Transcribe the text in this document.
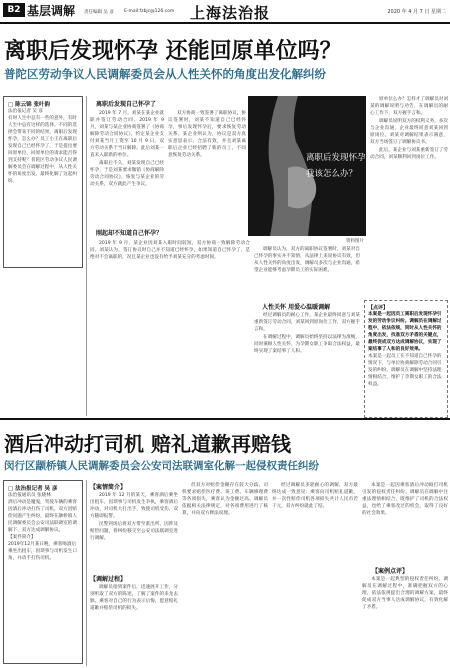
B2 基层调解 责任编辑 吴 彦 E-mail:fzbjc@126.com 上海法治报	2020 年 4 月 7 日 星期二
离职后发现怀孕 还能回原单位吗？
普陀区劳动争议人民调解委员会从人性关怀的角度出发化解纠纷
□ 陈云锦 张叶韵
法治报记者 吴 彦
有时人生中总有一些的意外，有时人生中总有这样的选择。不同的选择会带来不同的结果，离职后发现怀孕，怎么办？员工小王在离职后发现自己已经怀孕了，于是提出要回原单位，回原单位的请求能否得到支持呢？普陀区劳动争议人民调解委员会在调解过程中，从人性关怀的角度出发，最终化解了这起纠纷。
离职后发现自己怀孕了

2019 年 7 月，刘某在某企业就职并签订劳动合同。2019 年 9 月，刘某与某企业协商签署了《协商解除劳动合同协议》，约定某企业支付刘某当月工资至 10 月 9 日，双方劳动关系于当日解除。此后刘某一直未入职新的单位。

离职后不久，刘某发现自己已经怀孕，于是刘某要求撤销《协商解除劳动合同协议》，恢复与某企业的劳动关系，双方就此产生争议。

刚起却不知道自己怀孕？

2019 年 9 月，某企业因刘某入职时间较短，双方协商一致解除劳动合同。刘某认为，签订协议时自己并不知道已经怀孕，如果知道自己怀孕了，是绝对不会离职的，况且某企业也没有给予刘某充分的考虑时间。

双方协商一致签署了离职协议，协议签署时，刘某不知道自己已经怀孕，事后发现怀孕后，要求恢复劳动关系。某企业则认为，协议是双方真实意思表示，合法有效，并且刘某离职后企业已经招聘了新的员工，不同意恢复劳动关系。	离职后发现怀孕，
我该怎么办？
资料图片

调解员认为，双方的离职协议签署时，刘某对自己怀孕的事实并不知情，从法律上来说协议有效，但从人性关怀的角度出发，调解员多次与企业沟通，希望企业能够考虑孕期员工的实际困难。

人性关怀 用爱心温暖调解

经过调解员的耐心工作，某企业最终同意与刘某重新签订劳动合同，刘某回到原岗位工作，双方握手言和。

在调解过程中，调解员始终坚持以法律为准绳，同时兼顾人性关怀，为孕期女职工争取合法权益，最终实现了案结事了人和。

原单位么办？怎样才了调解员对刘某的调解说明与劝告，在调解员的耐心工作下，双方握手言和。

调解员说明双方的权利义务，多次与企业沟通，企业最终同意刘某回到原岗位。刘某对调解结果表示满意，双方当场签订了调解协议书。

此后，某企业与刘某重新签订了劳动合同，刘某顺利回到岗位工作。

【点评】
本案是一起因员工离职后发现怀孕引发的劳动争议纠纷。调解员在调解过程中，依法依规，同时从人性关怀的角度出发，找准双方矛盾的关键点，最终促成双方达成调解协议，实现了案结事了人和的良好效果。
本案是一起员工在不知道自己怀孕的情况下，与单位协商解除劳动合同引发的纠纷。调解员在调解中坚持法理情相结合，维护了孕期女职工的合法权益。
酒后冲动打司机 赔礼道歉再赔钱
闵行区颛桥镇人民调解委员会公安司法联调室化解一起侵权责任纠纷
□ 法治报记者 吴 彦
法治报通讯员 张晓林
酒后冲动是魔鬼，驾驶车辆的乘客因酒后冲动打伤了司机，双方因赔偿问题产生纠纷，最终在颛桥镇人民调解委员会公安司法联调室的调解下，双方达成调解协议。
【案件简介】
2019年12月某日晚，乘客喝酒后乘坐出租车，因琐事与司机发生口角，并动手打伤司机。
【案情简介】

2019 年 12 月的某天，乘客酒后乘坐出租车，因琐事与司机发生争执，乘客酒后冲动，对司机大打出手，致使司机受伤，双方随即报警。

民警到场后将双方带至派出所，因涉及赔偿问题，将纠纷移交至公安司法联调室进行调解。

【调解过程】

调解员接到案件后，迅速展开工作，分别听取了双方的陈述，了解了案件的来龙去脉。乘客对自己的行为表示后悔，愿意赔礼道歉并赔偿司机的损失。

但双方对赔偿金额存在较大分歧。司机要求赔偿医疗费、误工费、车辆修理费等各项损失，乘客认为金额过高。调解员依据相关法律规定，对各项费用进行了核算，并向双方释法说理。

经过调解员多轮耐心的调解，双方最终达成一致意见：乘客向司机赔礼道歉，并一次性赔偿司机各项损失共计人民币若干元，双方纠纷就此了结。

本案是一起因乘客酒后冲动殴打司机引发的侵权责任纠纷。调解员在调解中注重法理情相结合，既维护了司机的合法权益，也给了乘客改过的机会，取得了良好的社会效果。

【案例点评】

本案是一起典型的侵权责任纠纷。调解员在调解过程中，准确把握双方的心理，依法依规提出合理的调解方案，最终促成双方当事人达成调解协议，有效化解了矛盾。
